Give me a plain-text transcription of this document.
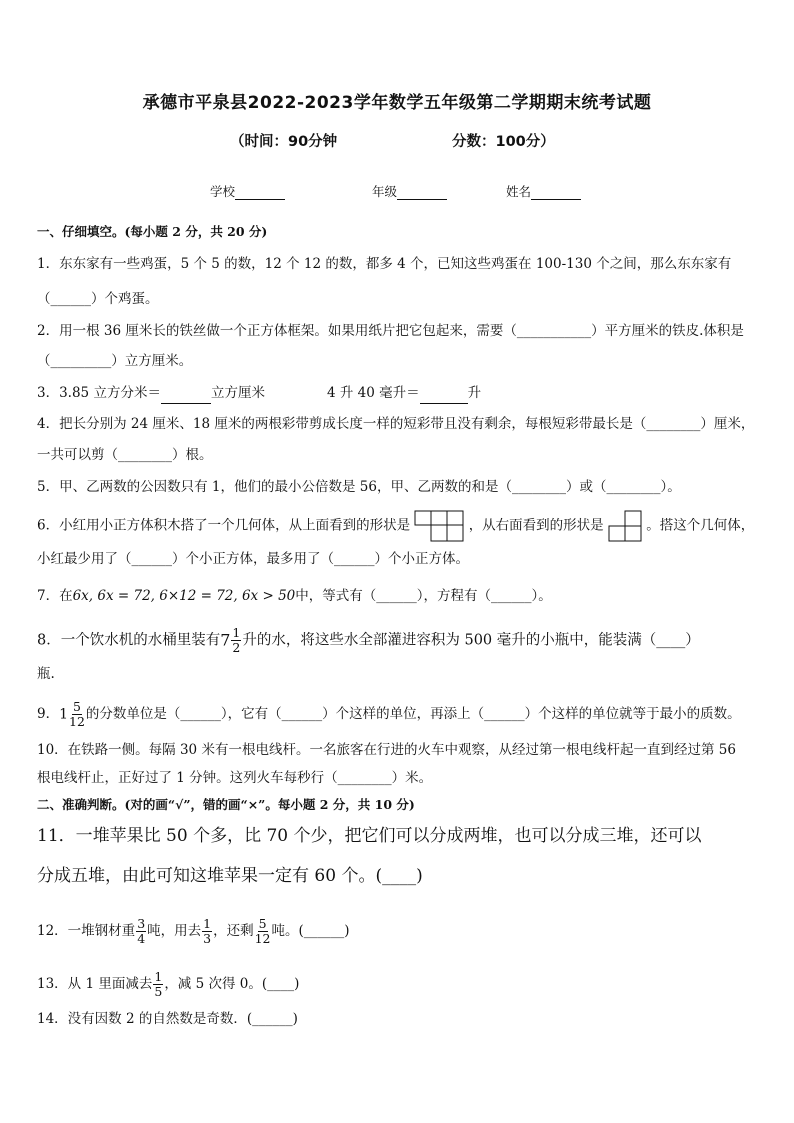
承德市平泉县2022-2023学年数学五年级第二学期期末统考试题
（时间：90分钟	分数：100分）
学校	年级	姓名
一、仔细填空。(每小题 2 分，共 20 分)
1．东东家有一些鸡蛋，5 个 5 的数，12 个 12 的数，都多 4 个，已知这些鸡蛋在 100-130 个之间，那么东东家有
（______）个鸡蛋。
2．用一根 36 厘米长的铁丝做一个正方体框架。如果用纸片把它包起来，需要（___________）平方厘米的铁皮.体积是
（_________）立方厘米。
3．3.85 立方分米＝	立方厘米	4 升 40 毫升＝	升
4．把长分别为 24 厘米、18 厘米的两根彩带剪成长度一样的短彩带且没有剩余，每根短彩带最长是（________）厘米，
一共可以剪（________）根。
5．甲、乙两数的公因数只有 1，他们的最小公倍数是 56，甲、乙两数的和是（________）或（________）。
6．小红用小正方体积木搭了一个几何体，从上面看到的形状是	，从右面看到的形状是	。搭这个几何体，
小红最少用了（______）个小正方体，最多用了（______）个小正方体。
7．在6x, 6x = 72, 6×12 = 72, 6x > 50中，等式有（______），方程有（______）。
8．一个饮水机的水桶里装有$7 \frac{1}{2}$ 升的水，将这些水全部灌进容积为 500 毫升的小瓶中，能装满（____）
瓶.
9．$1 \frac{5}{12}$ 的分数单位是（______），它有（______）个这样的单位，再添上（______）个这样的单位就等于最小的质数。
10．在铁路一侧。每隔 30 米有一根电线杆。一名旅客在行进的火车中观察，从经过第一根电线杆起一直到经过第 56
根电线杆止，正好过了 1 分钟。这列火车每秒行（________）米。
二、准确判断。(对的画“√”，错的画“×”。每小题 2 分，共 10 分)
11．一堆苹果比 50 个多，比 70 个少，把它们可以分成两堆，也可以分成三堆，还可以
分成五堆，由此可知这堆苹果一定有 60 个。(____)
12．一堆钢材重 $\frac{3}{4}$ 吨，用去 $\frac{1}{3}$ ，还剩 $\frac{5}{12}$ 吨。(______)
13．从 1 里面减去 $\frac{1}{5}$ ，减 5 次得 0。(____)
14．没有因数 2 的自然数是奇数．(______)
